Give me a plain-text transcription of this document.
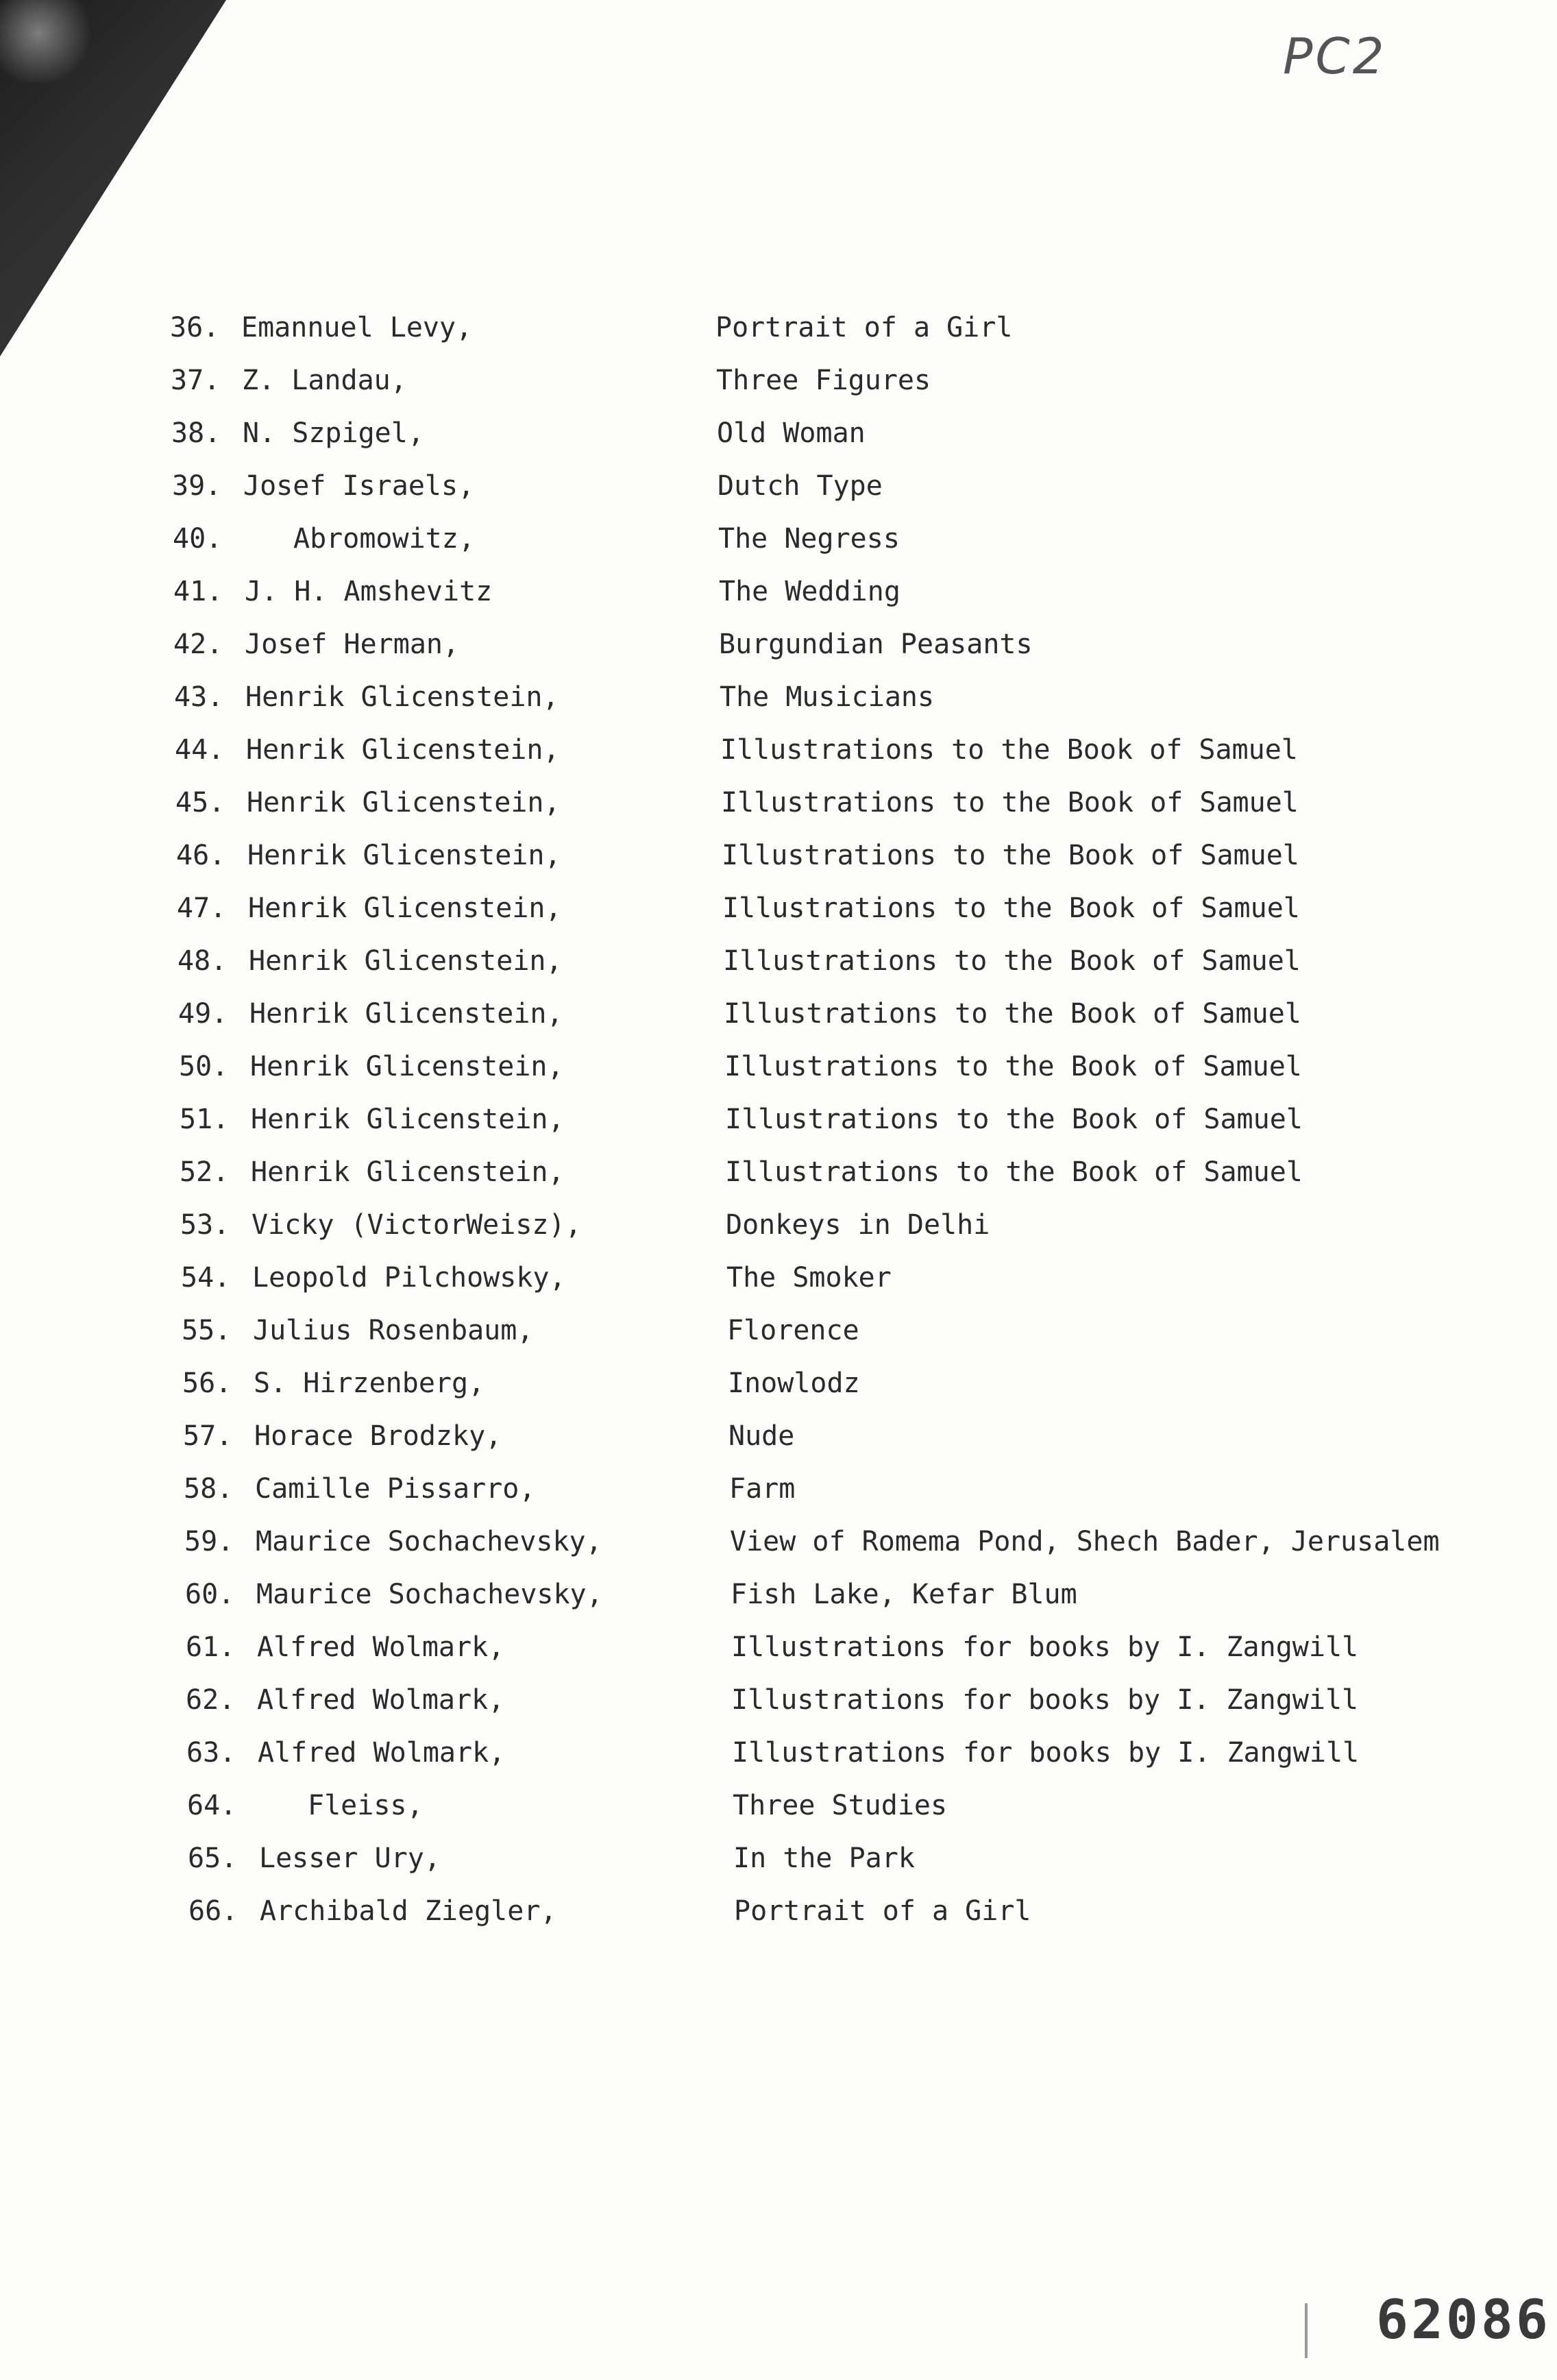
PC2
36. Emannuel Levy,	Portrait of a Girl
37. Z. Landau,	Three Figures
38. N. Szpigel,	Old Woman
39. Josef Israels,	Dutch Type
40.	Abromowitz,	The Negress
41. J. H. Amshevitz	The Wedding
42. Josef Herman,	Burgundian Peasants
43. Henrik Glicenstein,	The Musicians
44. Henrik Glicenstein,	Illustrations to the Book of Samuel
45. Henrik Glicenstein,	Illustrations to the Book of Samuel
46. Henrik Glicenstein,	Illustrations to the Book of Samuel
47. Henrik Glicenstein,	Illustrations to the Book of Samuel
48. Henrik Glicenstein,	Illustrations to the Book of Samuel
49. Henrik Glicenstein,	Illustrations to the Book of Samuel
50. Henrik Glicenstein,	Illustrations to the Book of Samuel
51. Henrik Glicenstein,	Illustrations to the Book of Samuel
52. Henrik Glicenstein,	Illustrations to the Book of Samuel
53. Vicky (VictorWeisz),	Donkeys in Delhi
54. Leopold Pilchowsky,	The Smoker
55. Julius Rosenbaum,	Florence
56. S. Hirzenberg,	Inowlodz
57. Horace Brodzky,	Nude
58. Camille Pissarro,	Farm
59. Maurice Sochachevsky,	View of Romema Pond, Shech Bader, Jerusalem
60. Maurice Sochachevsky,	Fish Lake, Kefar Blum
61. Alfred Wolmark,	Illustrations for books by I. Zangwill
62. Alfred Wolmark,	Illustrations for books by I. Zangwill
63. Alfred Wolmark,	Illustrations for books by I. Zangwill
64.	Fleiss,	Three Studies
65. Lesser Ury,	In the Park
66. Archibald Ziegler,	Portrait of a Girl
62086
